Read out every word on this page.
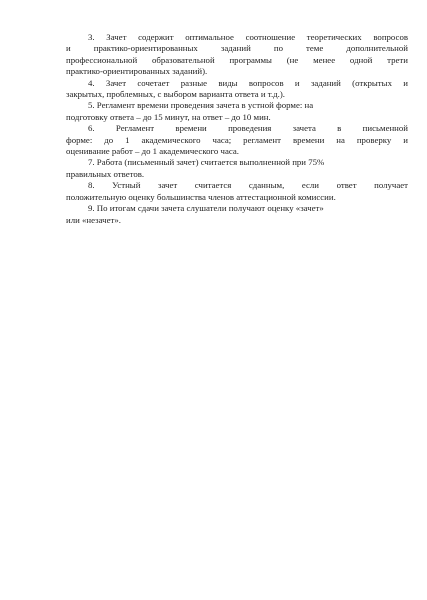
3. Зачет содержит оптимальное соотношение теоретических вопросов
и практико-ориентированных заданий по теме дополнительной
профессиональной образовательной программы (не менее одной трети
практико-ориентированных заданий).

4. Зачет сочетает разные виды вопросов и заданий (открытых и
закрытых, проблемных, с выбором варианта ответа и т.д.).

5. Регламент времени проведения зачета в устной форме: на
подготовку ответа – до 15 минут, на ответ – до 10 мин.

6. Регламент времени проведения зачета в письменной
форме: до 1 академического часа; регламент времени на проверку и
оценивание работ – до 1 академического часа.

7. Работа (письменный зачет) считается выполненной при 75%
правильных ответов.

8. Устный зачет считается сданным, если ответ получает
положительную оценку большинства членов аттестационной комиссии.

9. По итогам сдачи зачета слушатели получают оценку «зачет»
или «незачет».
